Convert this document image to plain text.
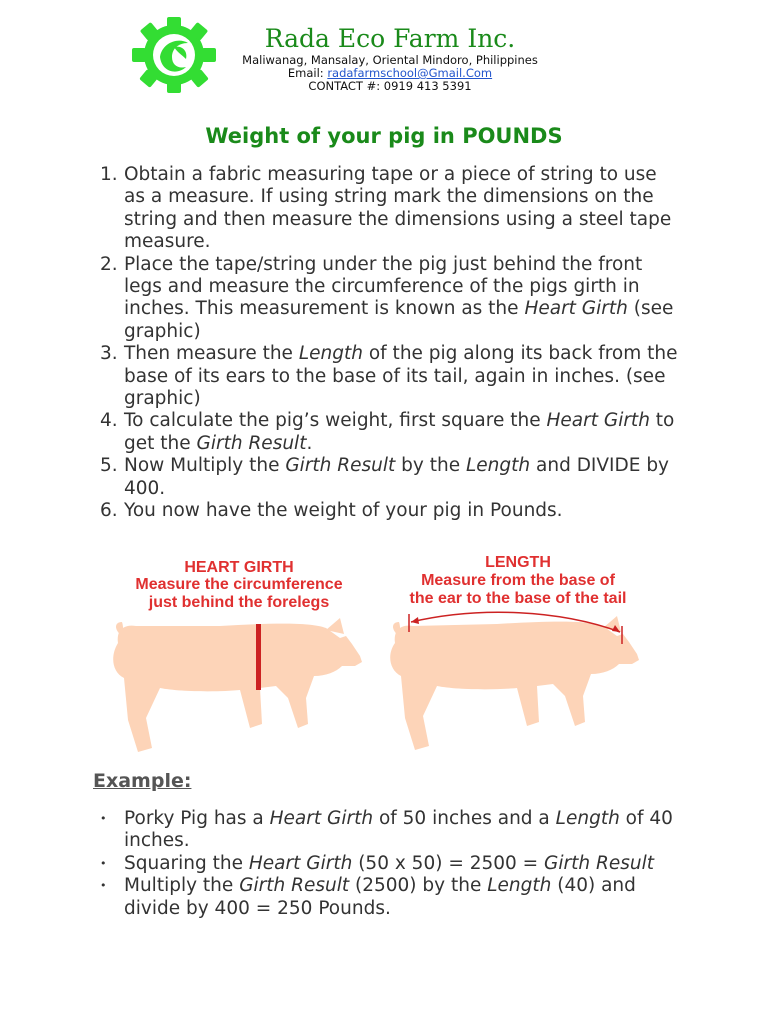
Rada Eco Farm Inc.
Maliwanag, Mansalay, Oriental Mindoro, Philippines
Email: radafarmschool@Gmail.Com
CONTACT #: 0919 413 5391
Weight of your pig in POUNDS
1. Obtain a fabric measuring tape or a piece of string to use as a measure. If using string mark the dimensions on the string and then measure the dimensions using a steel tape measure.
2. Place the tape/string under the pig just behind the front legs and measure the circumference of the pigs girth in inches. This measurement is known as the Heart Girth (see graphic)
3. Then measure the Length of the pig along its back from the base of its ears to the base of its tail, again in inches. (see graphic)
4. To calculate the pig’s weight, first square the Heart Girth to get the Girth Result.
5. Now Multiply the Girth Result by the Length and DIVIDE by 400.
6. You now have the weight of your pig in Pounds.
HEART GIRTH
Measure the circumference
just behind the forelegs
LENGTH
Measure from the base of
the ear to the base of the tail
Example:
• Porky Pig has a Heart Girth of 50 inches and a Length of 40 inches.
• Squaring the Heart Girth (50 x 50) = 2500 = Girth Result
• Multiply the Girth Result (2500) by the Length (40) and divide by 400 = 250 Pounds.
